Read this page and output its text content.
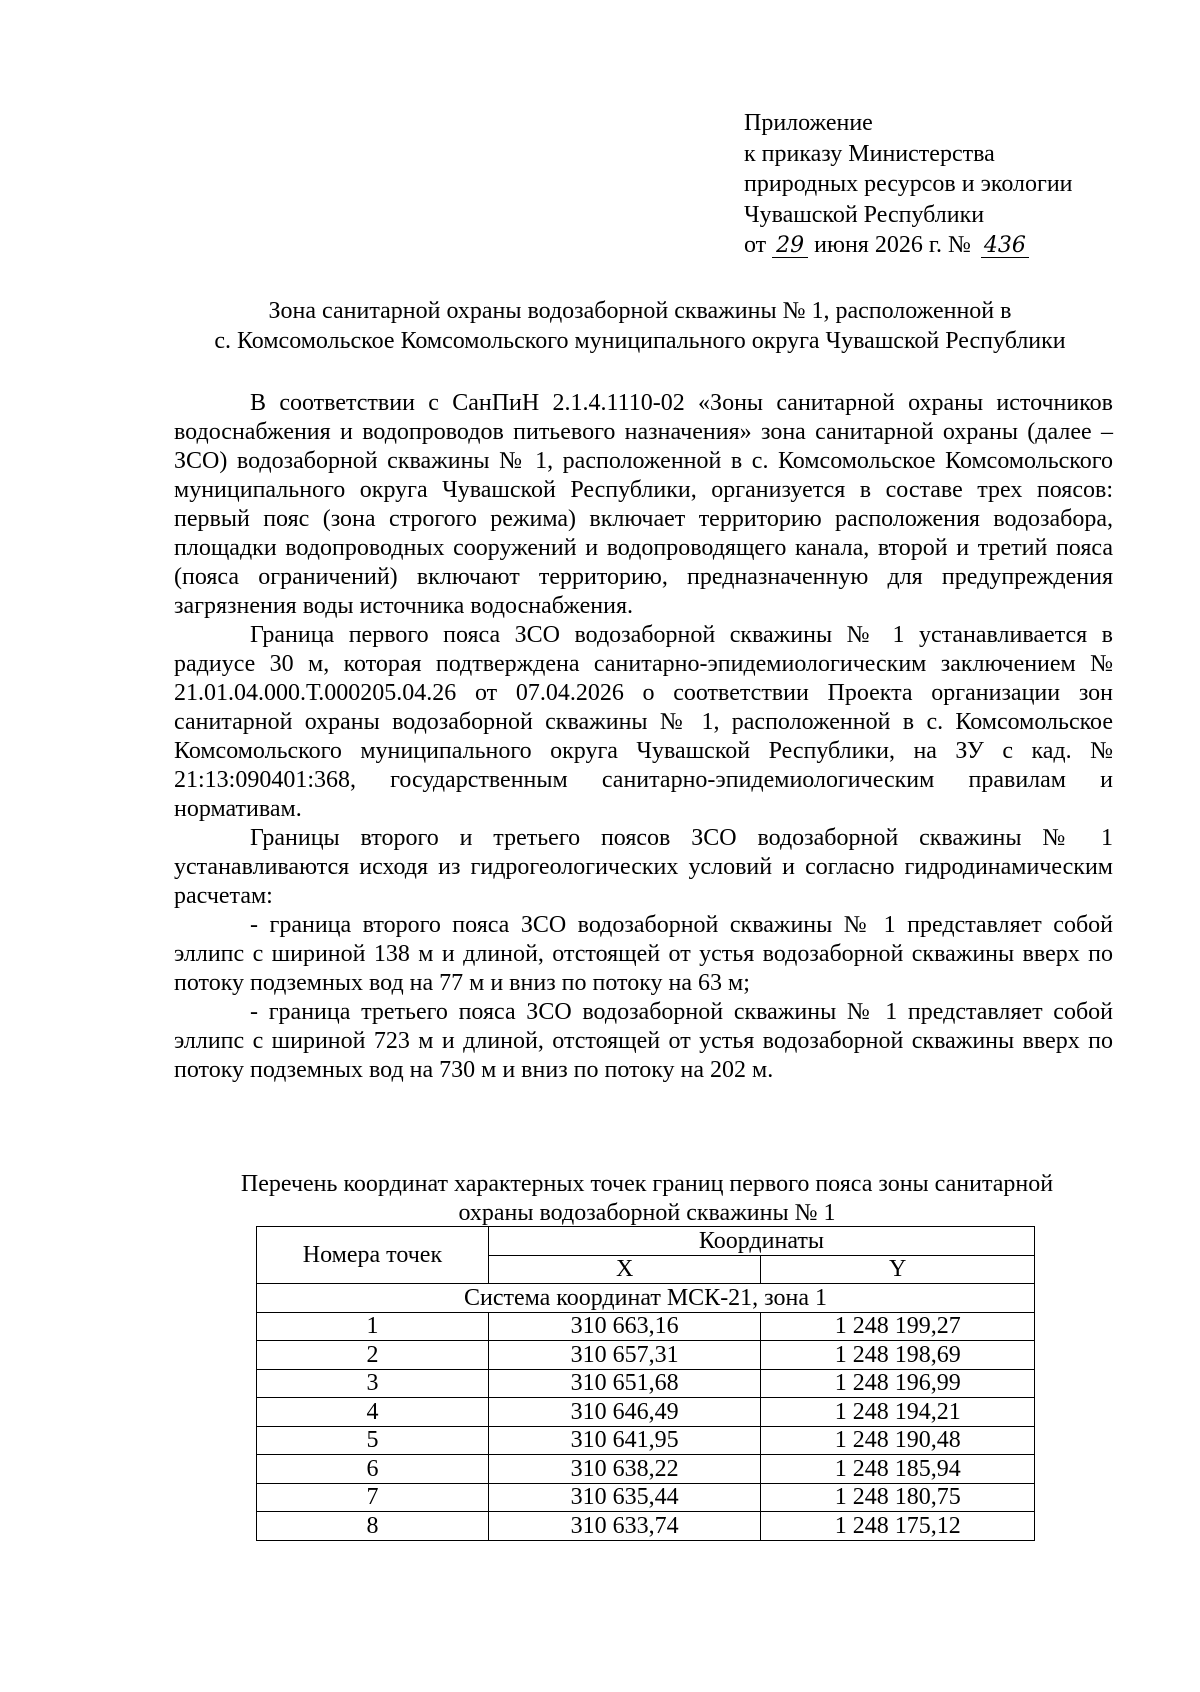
Приложение
к приказу Министерства
природных ресурсов и экологии
Чувашской Республики
от 29 июня 2026 г. № 436
Зона санитарной охраны водозаборной скважины № 1, расположенной в
с. Комсомольское Комсомольского муниципального округа Чувашской Республики

В соответствии с СанПиН 2.1.4.1110-02 «Зоны санитарной охраны источников водоснабжения и водопроводов питьевого назначения» зона санитарной охраны (далее – ЗСО) водозаборной скважины № 1, расположенной в с. Комсомольское Комсомольского муниципального округа Чувашской Республики, организуется в составе трех поясов: первый пояс (зона строгого режима) включает территорию расположения водозабора, площадки водопроводных сооружений и водопроводящего канала, второй и третий пояса (пояса ограничений) включают территорию, предназначенную для предупреждения загрязнения воды источника водоснабжения.

Граница первого пояса ЗСО водозаборной скважины № 1 устанавливается в радиусе 30 м, которая подтверждена санитарно-эпидемиологическим заключением № 21.01.04.000.Т.000205.04.26 от 07.04.2026 о соответствии Проекта организации зон санитарной охраны водозаборной скважины № 1, расположенной в с. Комсомольское Комсомольского муниципального округа Чувашской Республики, на ЗУ с кад. № 21:13:090401:368, государственным санитарно-эпидемиологическим правилам и нормативам.

Границы второго и третьего поясов ЗСО водозаборной скважины № 1 устанавливаются исходя из гидрогеологических условий и согласно гидродинамическим расчетам:

- граница второго пояса ЗСО водозаборной скважины № 1 представляет собой эллипс с шириной 138 м и длиной, отстоящей от устья водозаборной скважины вверх по потоку подземных вод на 77 м и вниз по потоку на 63 м;

- граница третьего пояса ЗСО водозаборной скважины № 1 представляет собой эллипс с шириной 723 м и длиной, отстоящей от устья водозаборной скважины вверх по потоку подземных вод на 730 м и вниз по потоку на 202 м.

Перечень координат характерных точек границ первого пояса зоны санитарной
охраны водозаборной скважины № 1
Номера точек	Координаты	
	X	Y
Система координат МСК-21, зона 1		
1	310 663,16	1 248 199,27
2	310 657,31	1 248 198,69
3	310 651,68	1 248 196,99
4	310 646,49	1 248 194,21
5	310 641,95	1 248 190,48
6	310 638,22	1 248 185,94
7	310 635,44	1 248 180,75
8	310 633,74	1 248 175,12
